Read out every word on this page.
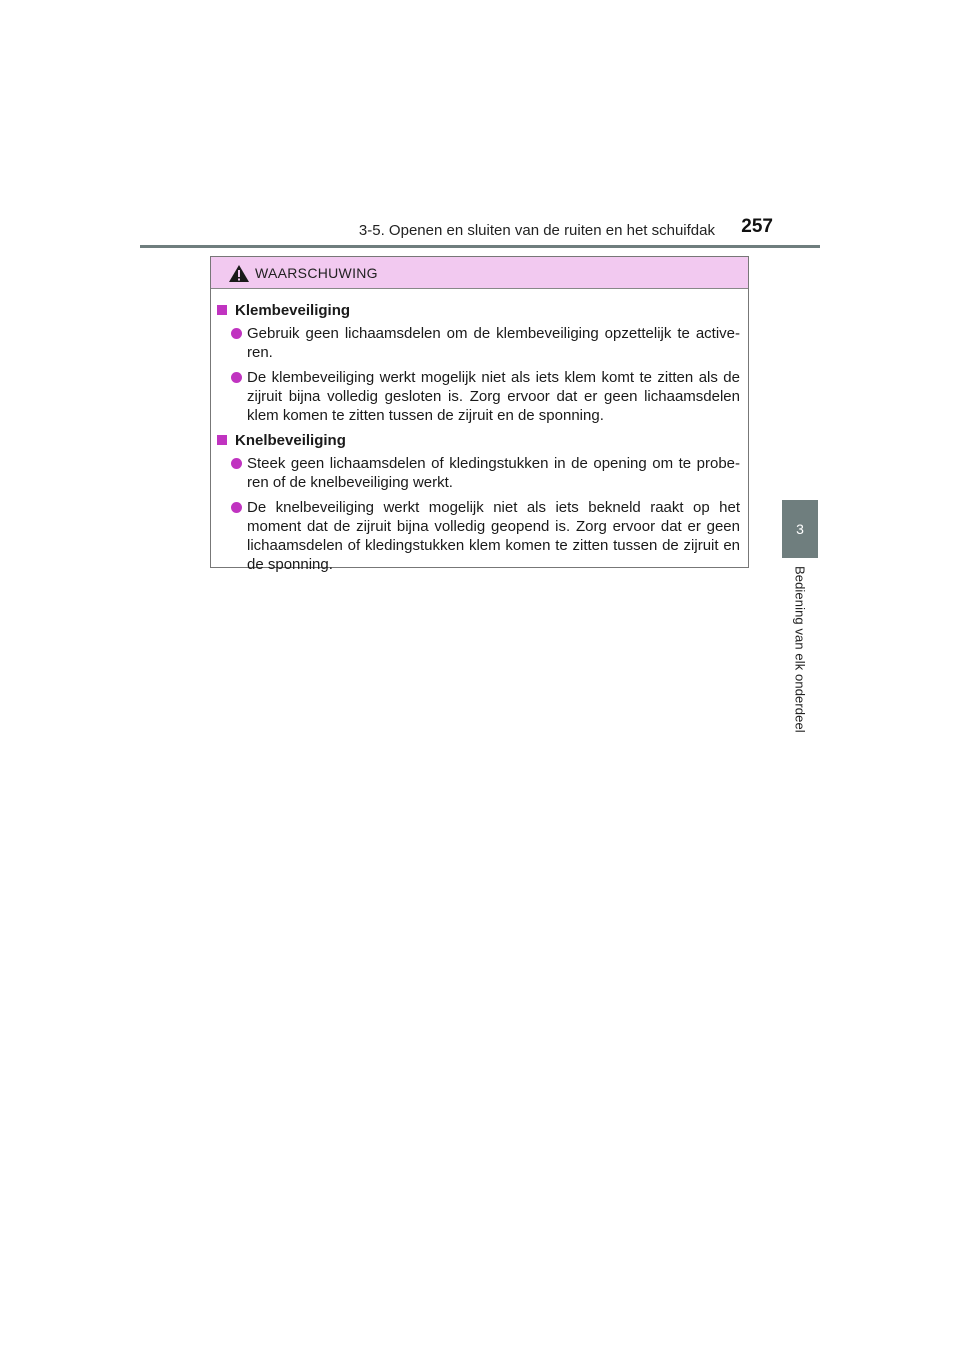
3-5. Openen en sluiten van de ruiten en het schuifdak 257
3
Bediening van elk onderdeel
WAARSCHUWING
Klembeveiliging
Gebruik geen lichaamsdelen om de klembeveiliging opzettelijk te active-ren.
De klembeveiliging werkt mogelijk niet als iets klem komt te zitten als de zijruit bijna volledig gesloten is. Zorg ervoor dat er geen lichaamsdelen klem komen te zitten tussen de zijruit en de sponning.
Knelbeveiliging
Steek geen lichaamsdelen of kledingstukken in de opening om te probe-ren of de knelbeveiliging werkt.
De knelbeveiliging werkt mogelijk niet als iets bekneld raakt op het moment dat de zijruit bijna volledig geopend is. Zorg ervoor dat er geen lichaamsdelen of kledingstukken klem komen te zitten tussen de zijruit en de sponning.
